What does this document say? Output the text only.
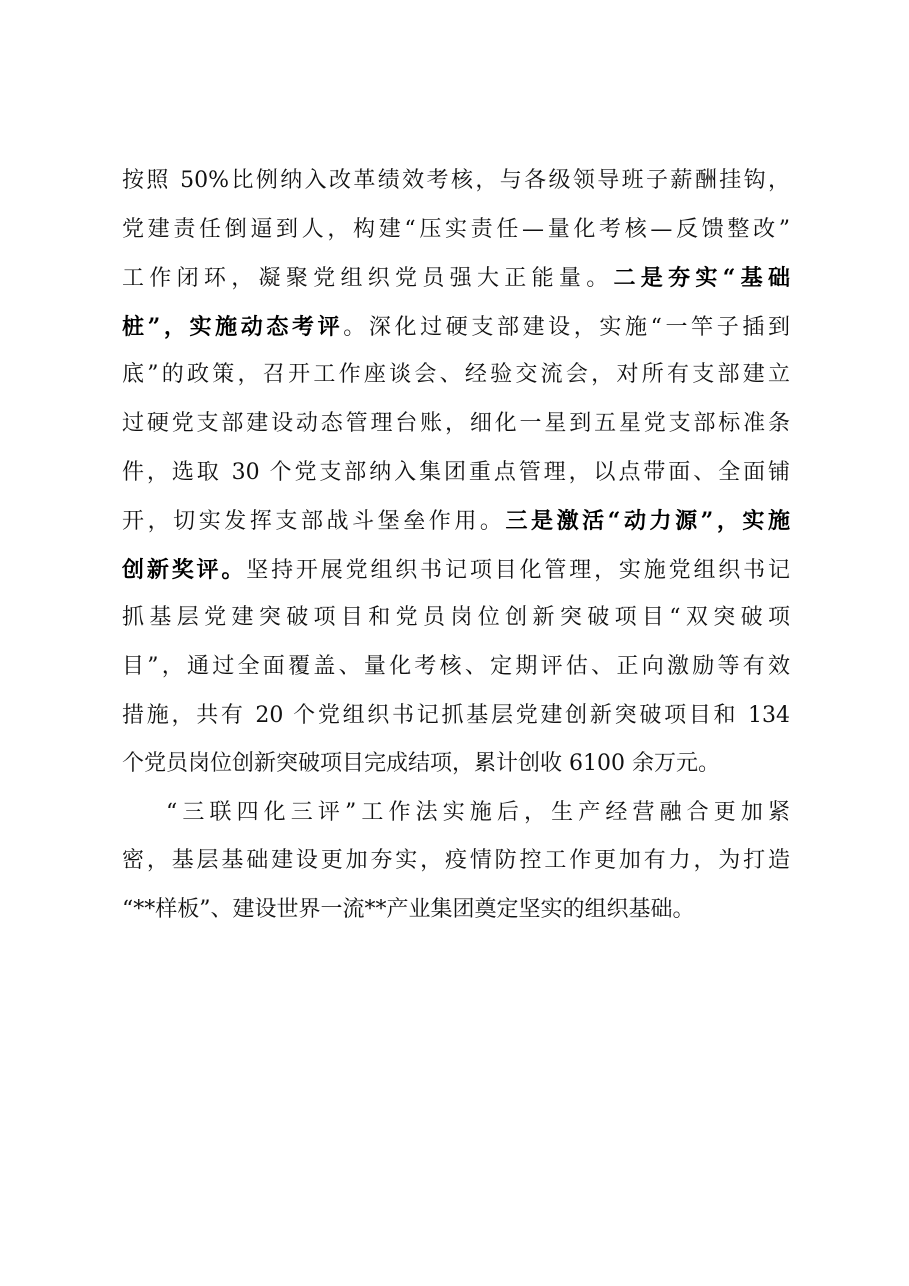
按照 50%比例纳入改革绩效考核，与各级领导班子薪酬挂钩，

党建责任倒逼到人，构建“压实责任—量化考核—反馈整改”

工作闭环，凝聚党组织党员强大正能量。二是夯实“基础

桩”，实施动态考评。深化过硬支部建设，实施“一竿子插到

底”的政策，召开工作座谈会、经验交流会，对所有支部建立

过硬党支部建设动态管理台账，细化一星到五星党支部标准条

件，选取 30 个党支部纳入集团重点管理，以点带面、全面铺

开，切实发挥支部战斗堡垒作用。三是激活“动力源”，实施

创新奖评。坚持开展党组织书记项目化管理，实施党组织书记

抓基层党建突破项目和党员岗位创新突破项目“双突破项

目”，通过全面覆盖、量化考核、定期评估、正向激励等有效

措施，共有 20 个党组织书记抓基层党建创新突破项目和 134

个党员岗位创新突破项目完成结项，累计创收 6100 余万元。

“三联四化三评”工作法实施后，生产经营融合更加紧

密，基层基础建设更加夯实，疫情防控工作更加有力，为打造

“**样板”、建设世界一流**产业集团奠定坚实的组织基础。
